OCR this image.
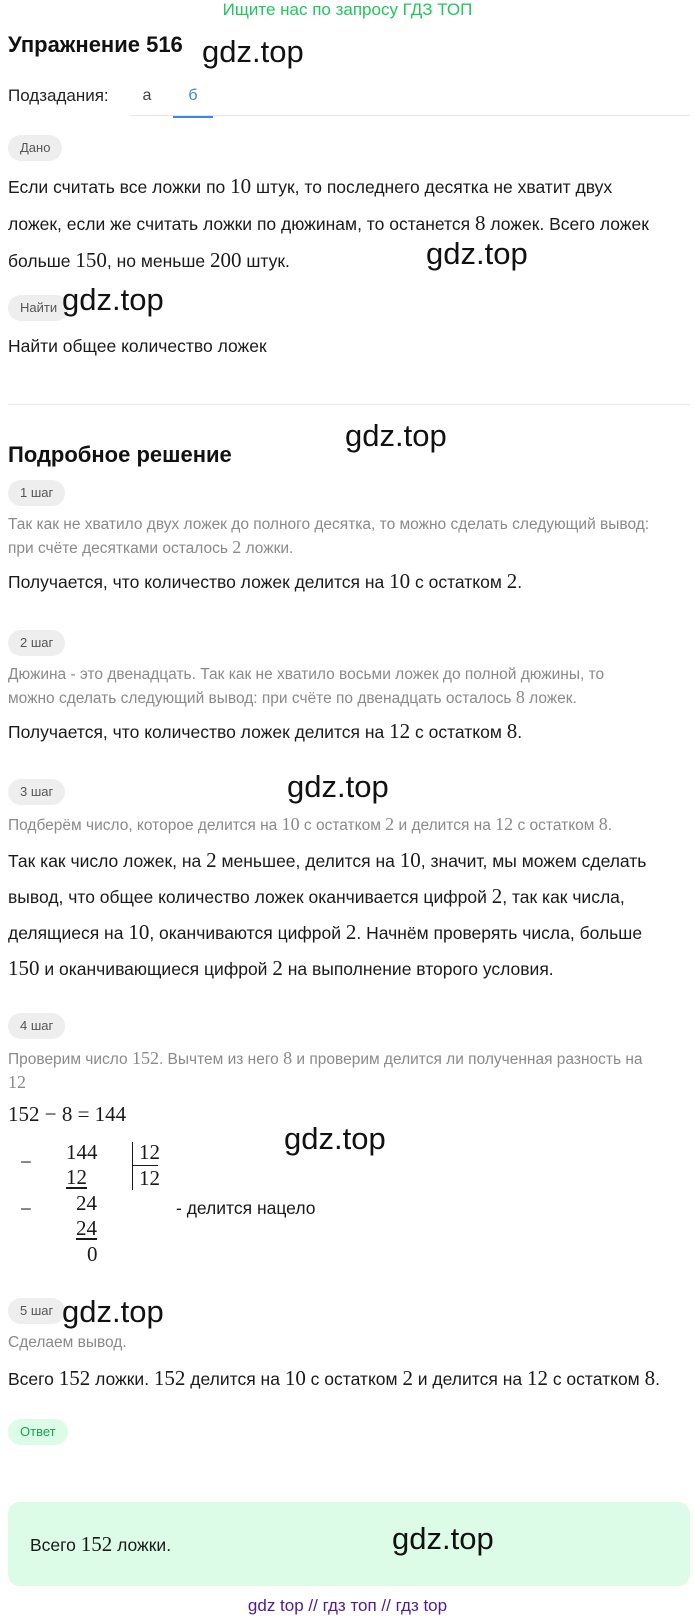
Ищите нас по запросу ГДЗ ТОП
Упражнение 516 gdz.top
Подзадания:	а	б
Дано
Если считать все ложки по 10 штук, то последнего десятка не хватит двух
ложек, если же считать ложки по дюжинам, то останется 8 ложек. Всего ложек
больше 150, но меньше 200 штук.	gdz.top
Найти gdz.top
Найти общее количество ложек
Подробное решение
gdz.top
1 шаг
Так как не хватило двух ложек до полного десятка, то можно сделать следующий вывод:
при счёте десятками осталось 2 ложки.
Получается, что количество ложек делится на 10 с остатком 2.
2 шаг
Дюжина - это двенадцать. Так как не хватило восьми ложек до полной дюжины, то
можно сделать следующий вывод: при счёте по двенадцать осталось 8 ложек.
Получается, что количество ложек делится на 12 с остатком 8.
3 шаг	gdz.top
Подберём число, которое делится на 10 с остатком 2 и делится на 12 с остатком 8.
Так как число ложек, на 2 меньшее, делится на 10, значит, мы можем сделать
вывод, что общее количество ложек оканчивается цифрой 2, так как числа,
делящиеся на 10, оканчиваются цифрой 2. Начнём проверять числа, больше
150 и оканчивающиеся цифрой 2 на выполнение второго условия.
4 шаг
Проверим число 152. Вычтем из него 8 и проверим делится ли полученная разность на
12
152 − 8 = 144
gdz.top
− 144
12
− 24
24
0
12
12
- делится нацело
5 шаг gdz.top
Сделаем вывод.
Всего 152 ложки. 152 делится на 10 с остатком 2 и делится на 12 с остатком 8.
Ответ
Всего 152 ложки.	gdz.top
gdz top // гдз топ // гдз top
